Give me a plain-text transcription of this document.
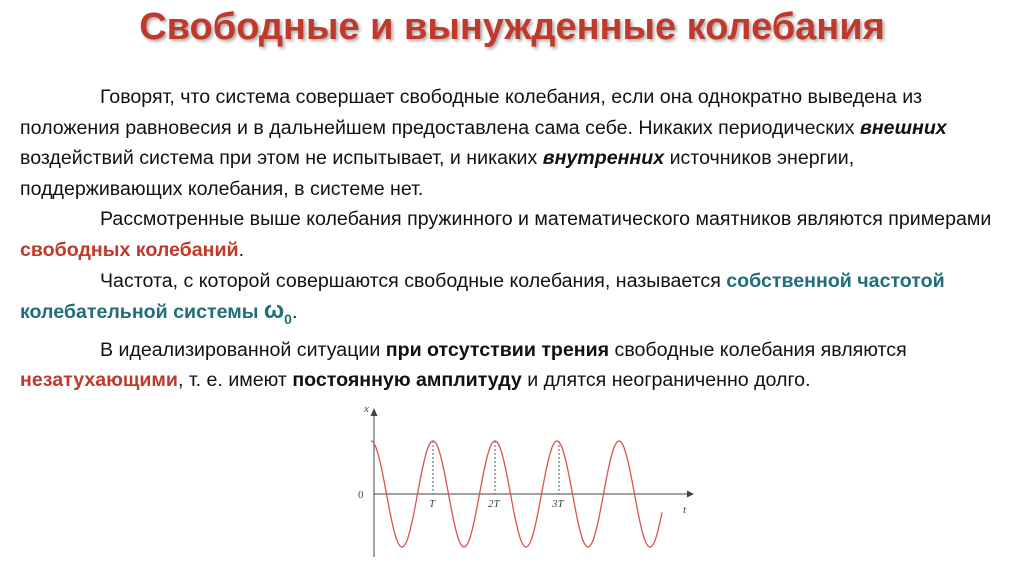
Свободные и вынужденные колебания

Говорят, что система совершает свободные колебания, если она однократно выведена из положения равновесия и в дальнейшем предоставлена сама себе. Никаких периодических внешних воздействий система при этом не испытывает, и никаких внутренних источников энергии, поддерживающих колебания, в системе нет.

Рассмотренные выше колебания пружинного и математического маятников являются примерами свободных колебаний.

Частота, с которой совершаются свободные колебания, называется собственной частотой колебательной системы $\omega_0$.

В идеализированной ситуации при отсутствии трения свободные колебания являются незатухающими, т. е. имеют постоянную амплитуду и длятся неограниченно долго.

x
t
0
T	2T	3T
